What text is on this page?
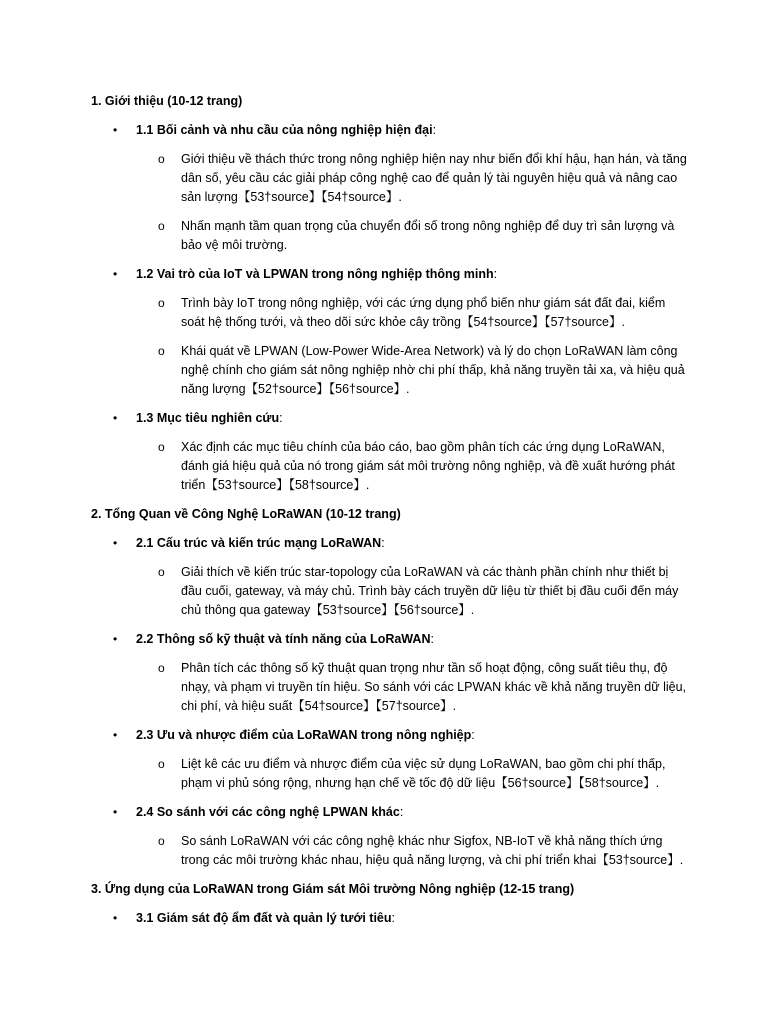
1. Giới thiệu (10-12 trang)
• 1.1 Bối cảnh và nhu cầu của nông nghiệp hiện đại:
o Giới thiệu về thách thức trong nông nghiệp hiện nay như biến đổi khí hậu, hạn hán, và tăng dân số, yêu cầu các giải pháp công nghệ cao để quản lý tài nguyên hiệu quả và nâng cao sản lượng【53†source】【54†source】.
o Nhấn mạnh tầm quan trọng của chuyển đổi số trong nông nghiệp để duy trì sản lượng và bảo vệ môi trường.
• 1.2 Vai trò của IoT và LPWAN trong nông nghiệp thông minh:
o Trình bày IoT trong nông nghiệp, với các ứng dụng phổ biến như giám sát đất đai, kiểm soát hệ thống tưới, và theo dõi sức khỏe cây trồng【54†source】【57†source】.
o Khái quát về LPWAN (Low-Power Wide-Area Network) và lý do chọn LoRaWAN làm công nghệ chính cho giám sát nông nghiệp nhờ chi phí thấp, khả năng truyền tải xa, và hiệu quả năng lượng【52†source】【56†source】.
• 1.3 Mục tiêu nghiên cứu:
o Xác định các mục tiêu chính của báo cáo, bao gồm phân tích các ứng dụng LoRaWAN, đánh giá hiệu quả của nó trong giám sát môi trường nông nghiệp, và đề xuất hướng phát triển【53†source】【58†source】.
2. Tổng Quan về Công Nghệ LoRaWAN (10-12 trang)
• 2.1 Cấu trúc và kiến trúc mạng LoRaWAN:
o Giải thích về kiến trúc star-topology của LoRaWAN và các thành phần chính như thiết bị đầu cuối, gateway, và máy chủ. Trình bày cách truyền dữ liệu từ thiết bị đầu cuối đến máy chủ thông qua gateway【53†source】【56†source】.
• 2.2 Thông số kỹ thuật và tính năng của LoRaWAN:
o Phân tích các thông số kỹ thuật quan trọng như tần số hoạt động, công suất tiêu thụ, độ nhạy, và phạm vi truyền tín hiệu. So sánh với các LPWAN khác về khả năng truyền dữ liệu, chi phí, và hiệu suất【54†source】【57†source】.
• 2.3 Ưu và nhược điểm của LoRaWAN trong nông nghiệp:
o Liệt kê các ưu điểm và nhược điểm của việc sử dụng LoRaWAN, bao gồm chi phí thấp, phạm vi phủ sóng rộng, nhưng hạn chế về tốc độ dữ liệu【56†source】【58†source】.
• 2.4 So sánh với các công nghệ LPWAN khác:
o So sánh LoRaWAN với các công nghệ khác như Sigfox, NB-IoT về khả năng thích ứng trong các môi trường khác nhau, hiệu quả năng lượng, và chi phí triển khai【53†source】.
3. Ứng dụng của LoRaWAN trong Giám sát Môi trường Nông nghiệp (12-15 trang)
• 3.1 Giám sát độ ẩm đất và quản lý tưới tiêu:
